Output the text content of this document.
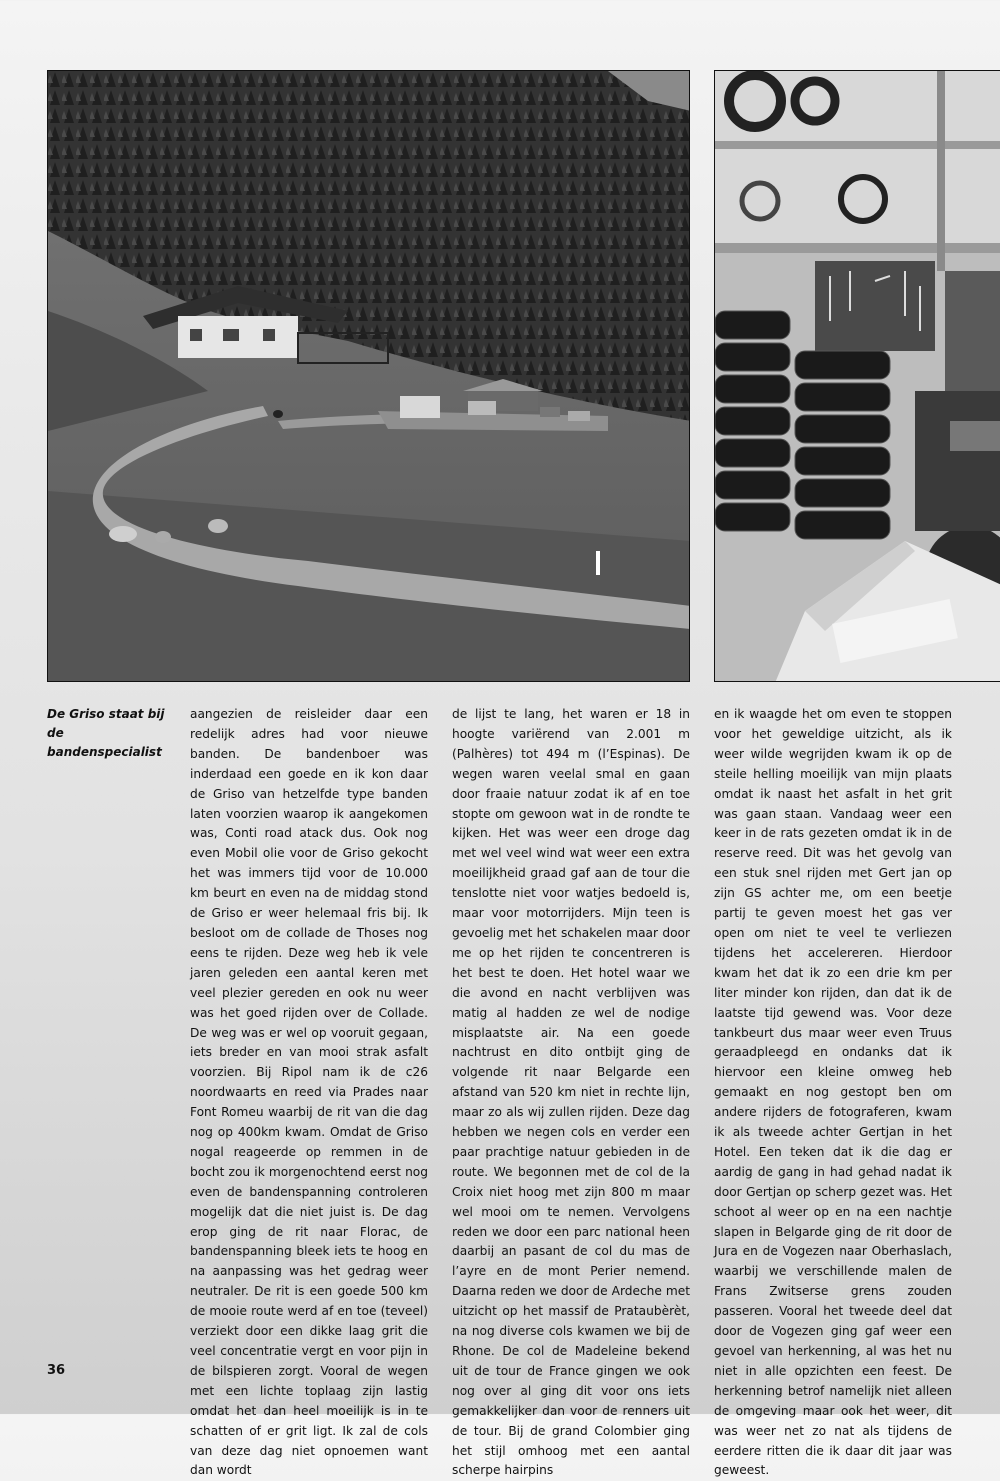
De Griso staat bij de bandenspecialist
aangezien de reisleider daar een redelijk adres had voor nieuwe banden. De bandenboer was inderdaad een goede en ik kon daar de Griso van hetzelfde type banden laten voorzien waarop ik aangekomen was, Conti road atack dus. Ook nog even Mobil olie voor de Griso gekocht het was immers tijd voor de 10.000 km beurt en even na de middag stond de Griso er weer helemaal fris bij. Ik besloot om de collade de Thoses nog eens te rijden. Deze weg heb ik vele jaren geleden een aantal keren met veel plezier gereden en ook nu weer was het goed rijden over de Collade. De weg was er wel op vooruit gegaan, iets breder en van mooi strak asfalt voorzien. Bij Ripol nam ik de c26 noordwaarts en reed via Prades naar Font Romeu waarbij de rit van die dag nog op 400km kwam. Omdat de Griso nogal reageerde op remmen in de bocht zou ik morgenochtend eerst nog even de bandenspanning controleren mogelijk dat die niet juist is. De dag erop ging de rit naar Florac, de bandenspanning bleek iets te hoog en na aanpassing was het gedrag weer neutraler. De rit is een goede 500 km de mooie route werd af en toe (teveel) verziekt door een dikke laag grit die veel concentratie vergt en voor pijn in de bilspieren zorgt. Vooral de wegen met een lichte toplaag zijn lastig omdat het dan heel moeilijk is in te schatten of er grit ligt. Ik zal de cols van deze dag niet opnoemen want dan wordt
de lijst te lang, het waren er 18 in hoogte variërend van 2.001 m (Palhères) tot 494 m (l’Espinas). De wegen waren veelal smal en gaan door fraaie natuur zodat ik af en toe stopte om gewoon wat in de rondte te kijken. Het was weer een droge dag met wel veel wind wat weer een extra moeilijkheid graad gaf aan de tour die tenslotte niet voor watjes bedoeld is, maar voor motorrijders. Mijn teen is gevoelig met het schakelen maar door me op het rijden te concentreren is het best te doen. Het hotel waar we die avond en nacht verblijven was matig al hadden ze wel de nodige misplaatste air. Na een goede nachtrust en dito ontbijt ging de volgende rit naar Belgarde een afstand van 520 km niet in rechte lijn, maar zo als wij zullen rijden. Deze dag hebben we negen cols en verder een paar prachtige natuur gebieden in de route. We begonnen met de col de la Croix niet hoog met zijn 800 m maar wel mooi om te nemen. Vervolgens reden we door een parc national heen daarbij an pasant de col du mas de l’ayre en de mont Perier nemend. Daarna reden we door de Ardeche met uitzicht op het massif de Prataubèrèt, na nog diverse cols kwamen we bij de Rhone. De col de Madeleine bekend uit de tour de France gingen we ook nog over al ging dit voor ons iets gemakkelijker dan voor de renners uit de tour. Bij de grand Colombier ging het stijl omhoog met een aantal scherpe hairpins
en ik waagde het om even te stoppen voor het geweldige uitzicht, als ik weer wilde wegrijden kwam ik op de steile helling moeilijk van mijn plaats omdat ik naast het asfalt in het grit was gaan staan. Vandaag weer een keer in de rats gezeten omdat ik in de reserve reed. Dit was het gevolg van een stuk snel rijden met Gert jan op zijn GS achter me, om een beetje partij te geven moest het gas ver open om niet te veel te verliezen tijdens het accelereren. Hierdoor kwam het dat ik zo een drie km per liter minder kon rijden, dan dat ik de laatste tijd gewend was. Voor deze tankbeurt dus maar weer even Truus geraadpleegd en ondanks dat ik hiervoor een kleine omweg heb gemaakt en nog gestopt ben om andere rijders de fotograferen, kwam ik als tweede achter Gertjan in het Hotel. Een teken dat ik die dag er aardig de gang in had gehad nadat ik door Gertjan op scherp gezet was. Het schoot al weer op en na een nachtje slapen in Belgarde ging de rit door de Jura en de Vogezen naar Oberhaslach, waarbij we verschillende malen de Frans Zwitserse grens zouden passeren. Vooral het tweede deel dat door de Vogezen ging gaf weer een gevoel van herkenning, al was het nu niet in alle opzichten een feest. De herkenning betrof namelijk niet alleen de omgeving maar ook het weer, dit was weer net zo nat als tijdens de eerdere ritten die ik daar dit jaar was geweest.
36
